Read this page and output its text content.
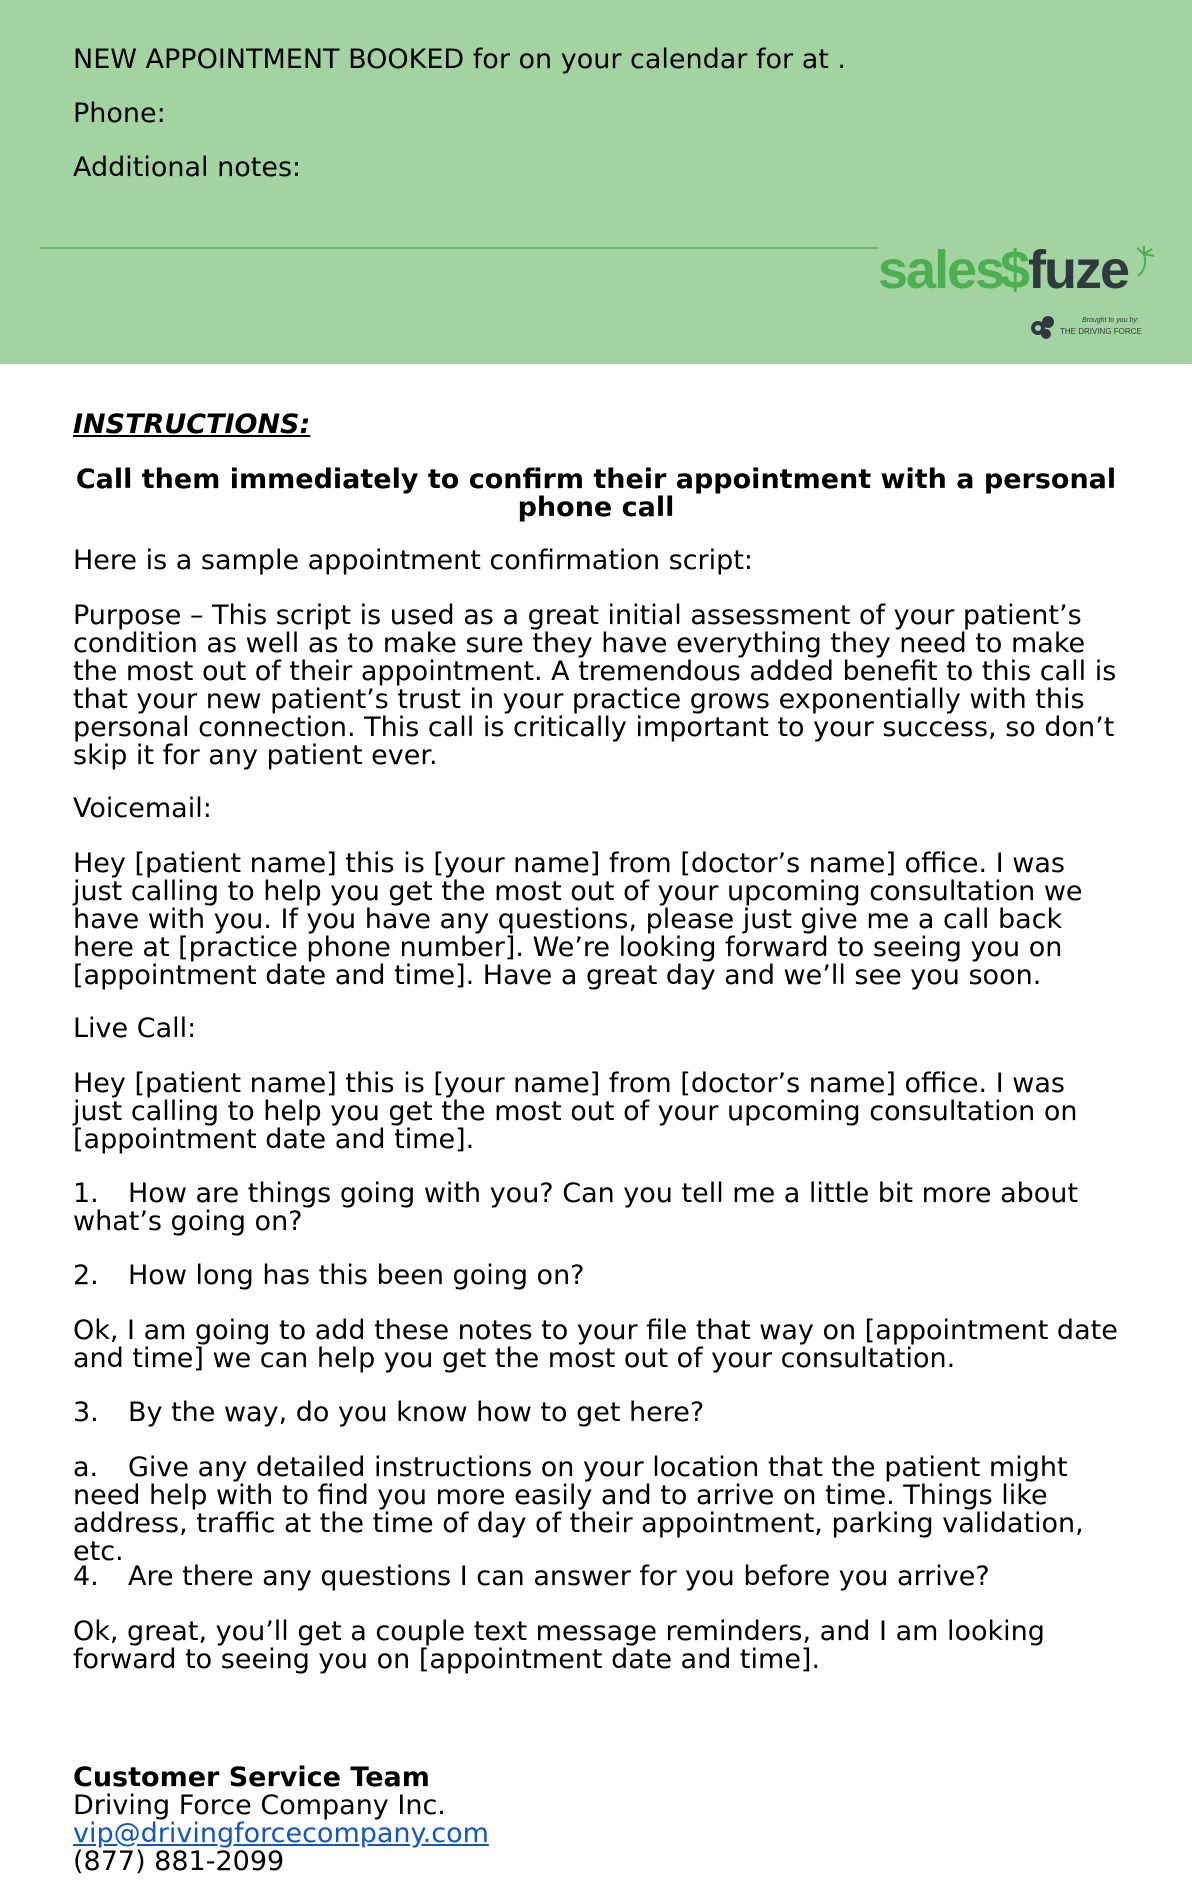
NEW APPOINTMENT BOOKED for on your calendar for at .
Phone:
Additional notes:
sales
$
fuze
Brought to you by:
THE DRIVING FORCE

INSTRUCTIONS:

Call them immediately to confirm their appointment with a personal phone call

Here is a sample appointment confirmation script:

Purpose – This script is used as a great initial assessment of your patient’s condition as well as to make sure they have everything they need to make the most out of their appointment. A tremendous added benefit to this call is that your new patient’s trust in your practice grows exponentially with this personal connection. This call is critically important to your success, so don’t skip it for any patient ever.

Voicemail:

Hey [patient name] this is [your name] from [doctor’s name] office. I was just calling to help you get the most out of your upcoming consultation we have with you. If you have any questions, please just give me a call back here at [practice phone number]. We’re looking forward to seeing you on [appointment date and time]. Have a great day and we’ll see you soon.

Live Call:

Hey [patient name] this is [your name] from [doctor’s name] office. I was just calling to help you get the most out of your upcoming consultation on [appointment date and time].

1. How are things going with you? Can you tell me a little bit more about what’s going on?

2. How long has this been going on?

Ok, I am going to add these notes to your file that way on [appointment date and time] we can help you get the most out of your consultation.

3. By the way, do you know how to get here?

a. Give any detailed instructions on your location that the patient might need help with to find you more easily and to arrive on time. Things like address, traffic at the time of day of their appointment, parking validation, etc.

4. Are there any questions I can answer for you before you arrive?

Ok, great, you’ll get a couple text message reminders, and I am looking forward to seeing you on [appointment date and time].

Customer Service Team
Driving Force Company Inc.
vip@drivingforcecompany.com
(877) 881-2099
